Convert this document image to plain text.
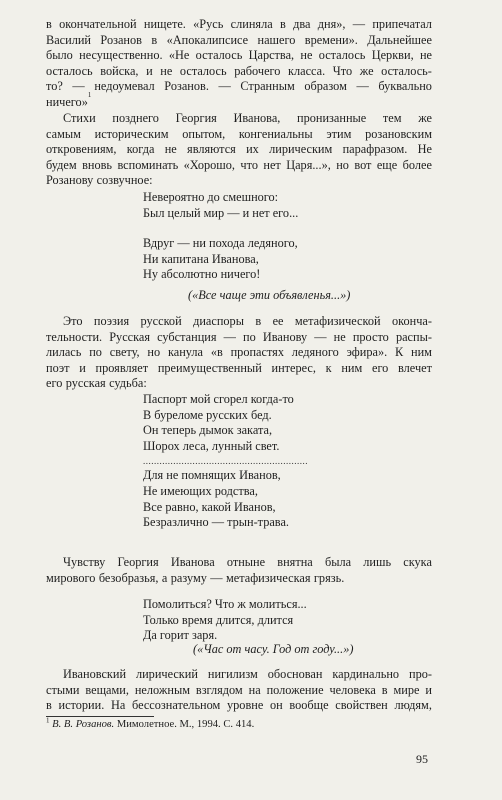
в окончательной нищете. «Русь слиняла в два дня», — припечатал
Василий Розанов в «Апокалипсисе нашего времени». Дальнейшее
было несущественно. «Не осталось Царства, не осталось Церкви, не
осталось войска, и не осталось рабочего класса. Что же осталось-
то? — недоумевал Розанов. — Странным образом — буквально
ничего» 1
Стихи позднего Георгия Иванова, пронизанные тем же
самым историческим опытом, конгениальны этим розановским
откровениям, когда не являются их лирическим парафразом. Не
будем вновь вспоминать «Хорошо, что нет Царя...», но вот еще более
Розанову созвучное:
Невероятно до смешного:
Был целый мир — и нет его...
Вдруг — ни похода ледяного,
Ни капитана Иванова,
Ну абсолютно ничего!
(«Все чаще эти объявленья...»)
Это поэзия русской диаспоры в ее метафизической оконча-
тельности. Русская субстанция — по Иванову — не просто распы-
лилась по свету, но канула «в пропастях ледяного эфира». К ним
поэт и проявляет преимущественный интерес, к ним его влечет
его русская судьба:
Паспорт мой сгорел когда-то
В буреломе русских бед.
Он теперь дымок заката,
Шорох леса, лунный свет.
............................................................
Для не помнящих Иванов,
Не имеющих родства,
Все равно, какой Иванов,
Безразлично — трын-трава.
Чувству Георгия Иванова отныне внятна была лишь скука
мирового безобразья, а разуму — метафизическая грязь.
Помолиться? Что ж молиться...
Только время длится, длится
Да горит заря.
(«Час от часу. Год от году...»)
Ивановский лирический нигилизм обоснован кардинально про-
стыми вещами, неложным взглядом на положение человека в мире и
в истории. На бессознательном уровне он вообще свойствен людям,
$^1$ В. В. Розанов. Мимолетное. М., 1994. С. 414.
95
